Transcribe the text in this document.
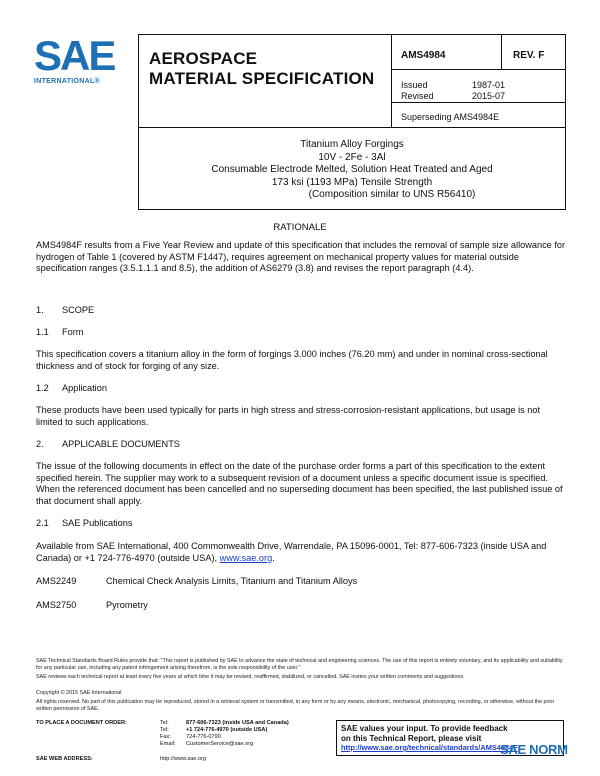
SAE
INTERNATIONAL®
AEROSPACE
MATERIAL SPECIFICATION
AMS4984	REV. F
Issued	1987-01
Revised	2015-07
Superseding AMS4984E
Titanium Alloy Forgings
10V - 2Fe - 3Al
Consumable Electrode Melted, Solution Heat Treated and Aged
173 ksi (1193 MPa) Tensile Strength
(Composition similar to UNS R56410)
RATIONALE
AMS4984F results from a Five Year Review and update of this specification that includes the removal of sample size allowance for hydrogen of Table 1 (covered by ASTM F1447), requires agreement on mechanical property values for material outside specification ranges (3.5.1.1.1 and 8.5), the addition of AS6279 (3.8) and revises the report paragraph (4.4).
1. SCOPE
1.1 Form
This specification covers a titanium alloy in the form of forgings 3.000 inches (76.20 mm) and under in nominal cross-sectional thickness and of stock for forging of any size.
1.2 Application
These products have been used typically for parts in high stress and stress-corrosion-resistant applications, but usage is not limited to such applications.
2. APPLICABLE DOCUMENTS
The issue of the following documents in effect on the date of the purchase order forms a part of this specification to the extent specified herein. The supplier may work to a subsequent revision of a document unless a specific document issue is specified. When the referenced document has been cancelled and no superseding document has been specified, the last published issue of that document shall apply.
2.1 SAE Publications
Available from SAE International, 400 Commonwealth Drive, Warrendale, PA 15096-0001, Tel: 877-606-7323 (inside USA and Canada) or +1 724-776-4970 (outside USA), www.sae.org.
AMS2249	Chemical Check Analysis Limits, Titanium and Titanium Alloys
AMS2750	Pyrometry
SAE Technical Standards Board Rules provide that: "This report is published by SAE to advance the state of technical and engineering sciences. The use of this report is entirely voluntary, and its applicability and suitability for any particular use, including any patent infringement arising therefrom, is the sole responsibility of the user."
SAE reviews each technical report at least every five years at which time it may be revised, reaffirmed, stabilized, or cancelled. SAE invites your written comments and suggestions.
Copyright © 2015 SAE International
All rights reserved. No part of this publication may be reproduced, stored in a retrieval system or transmitted, in any form or by any means, electronic, mechanical, photocopying, recording, or otherwise, without the prior written permission of SAE.
TO PLACE A DOCUMENT ORDER:	Tel:	877-606-7323 (inside USA and Canada)
Tel:	+1 724-776-4970 (outside USA)
Fax:	724-776-0790
Email: CustomerService@sae.org
SAE WEB ADDRESS:	http://www.sae.org
SAE values your input. To provide feedback
on this Technical Report, please visit
http://www.sae.org/technical/standards/AMS4984F
SAE NORM
